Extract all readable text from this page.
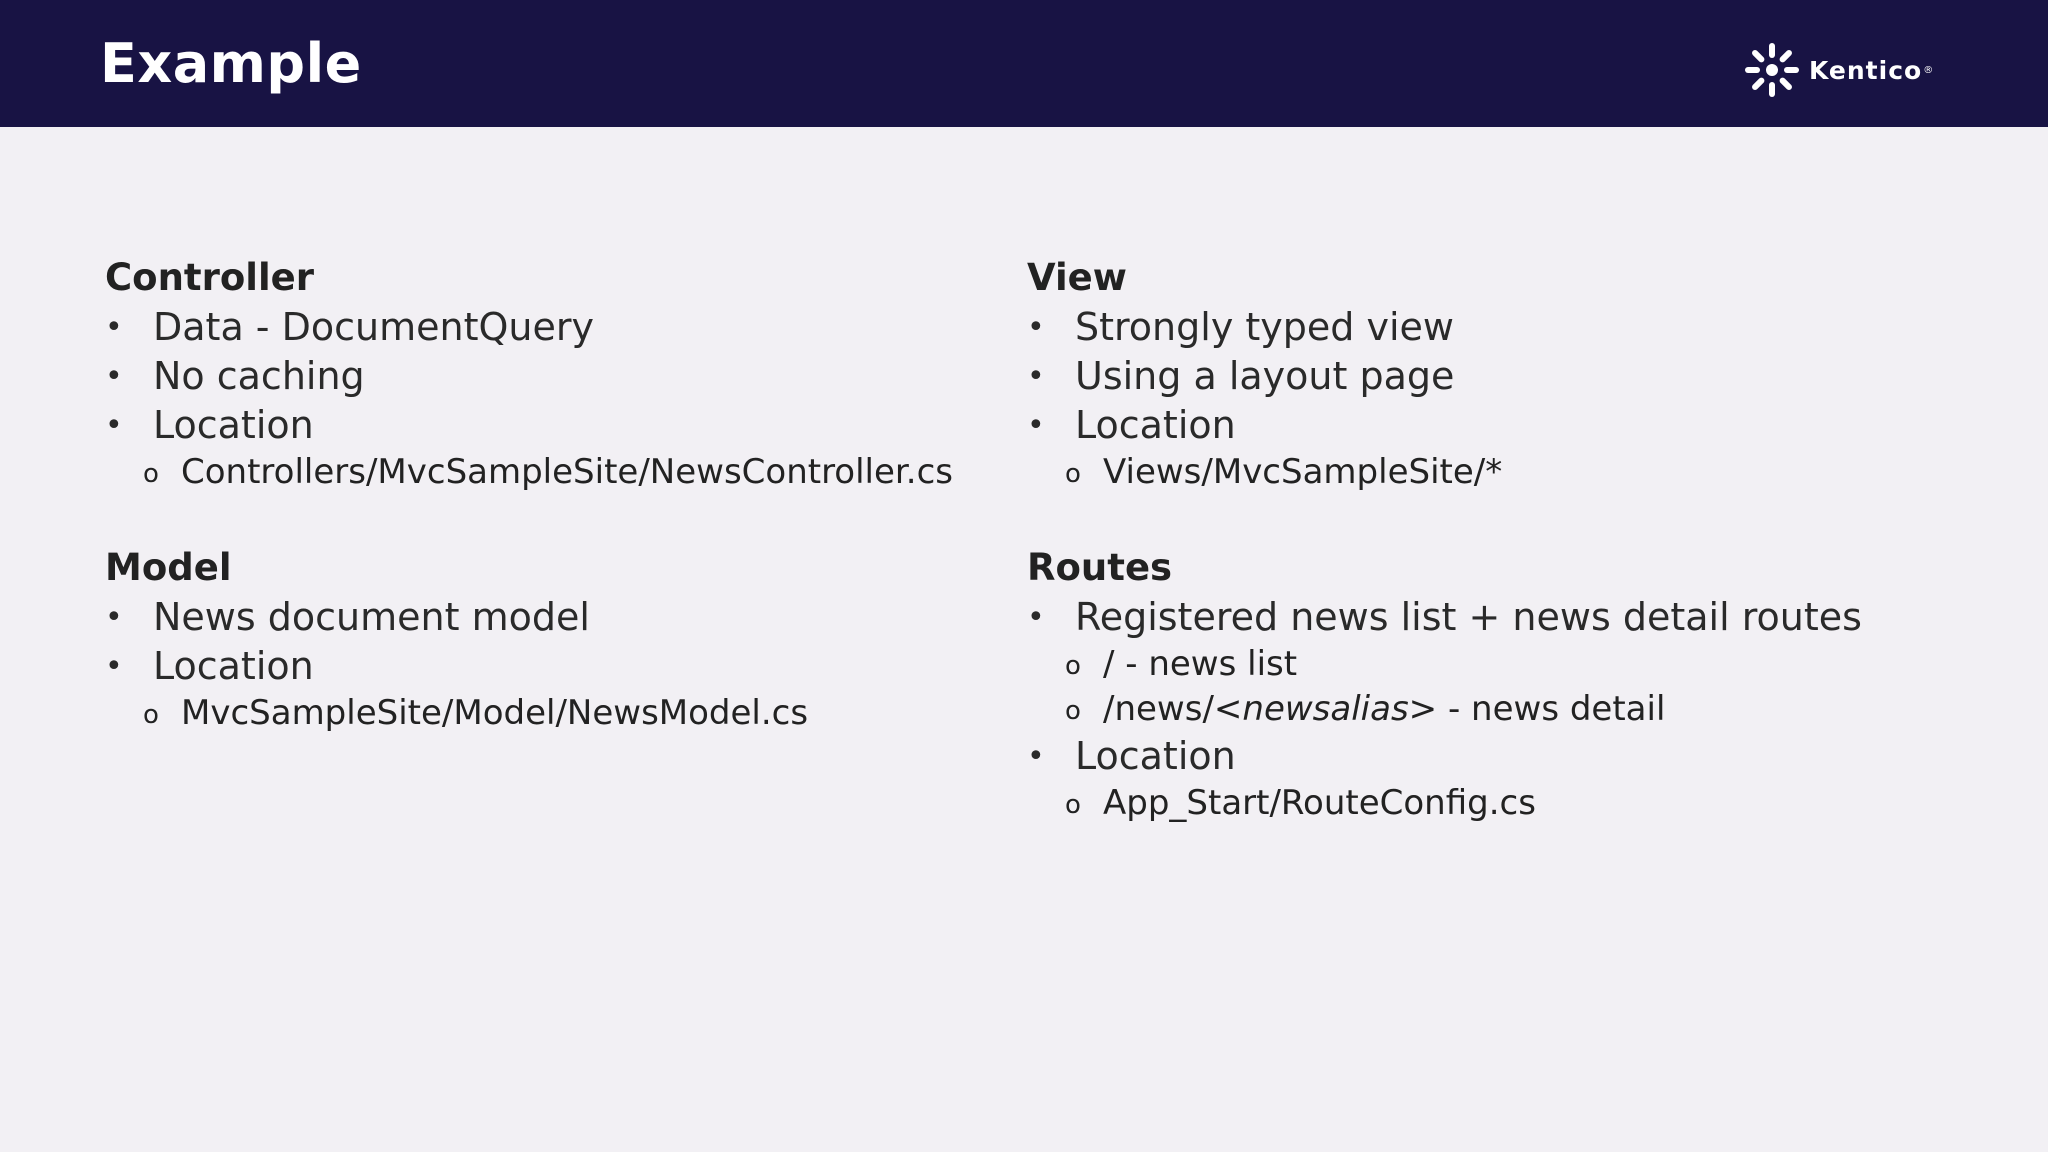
Example	Kentico ®
Controller
• Data - DocumentQuery
• No caching
• Location
o Controllers/MvcSampleSite/NewsController.cs
Model
• News document model
• Location
o MvcSampleSite/Model/NewsModel.cs
View
• Strongly typed view
• Using a layout page
• Location
o Views/MvcSampleSite/*
Routes
• Registered news list + news detail routes
o / - news list
o /news/<newsalias> - news detail
• Location
o App_Start/RouteConfig.cs
